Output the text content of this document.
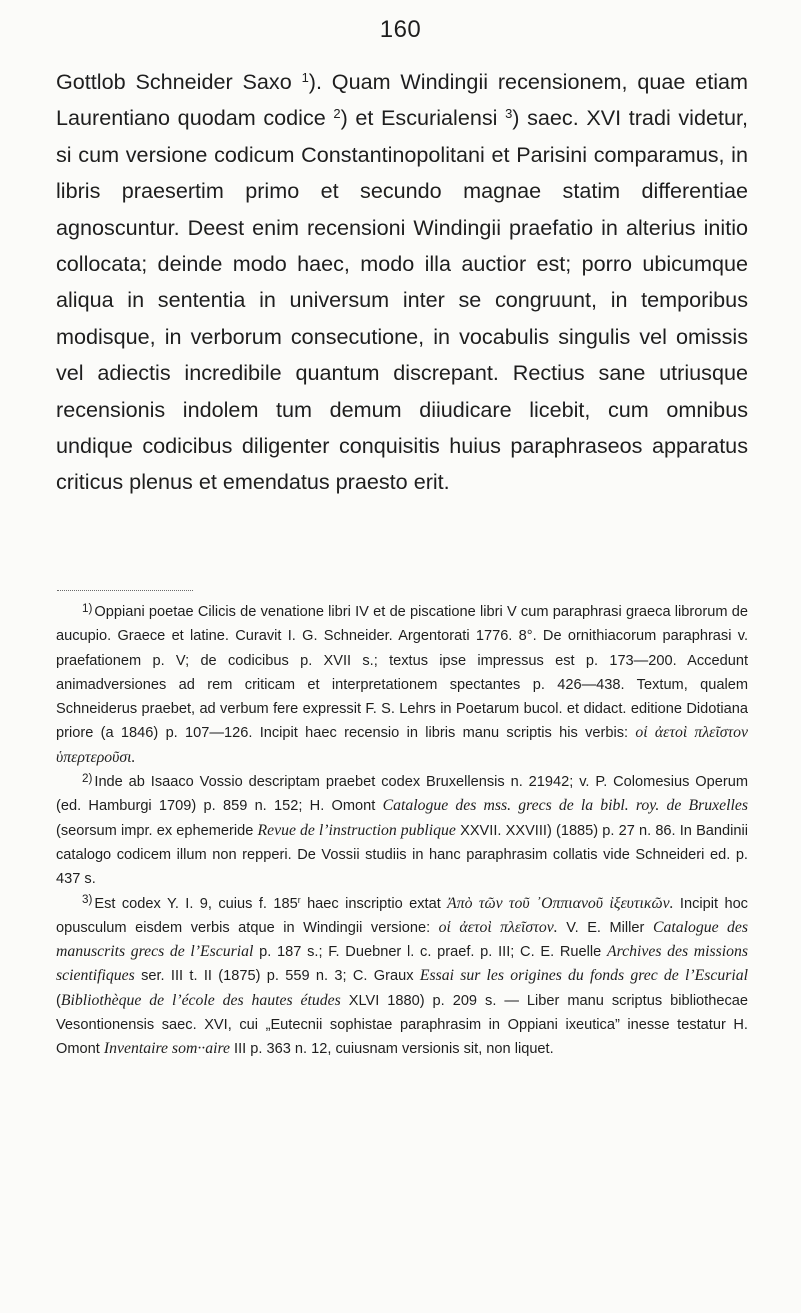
160

Gottlob Schneider Saxo $^1$). Quam Windingii recensionem, quae etiam Laurentiano quodam codice $^2$) et Escurialensi $^3$) saec. XVI tradi videtur, si cum versione codicum Constantinopolitani et Parisini comparamus, in libris praesertim primo et secundo magnae statim differentiae agnoscuntur. Deest enim recensioni Windingii praefatio in alterius initio collocata; deinde modo haec, modo illa auctior est; porro ubicumque aliqua in sententia in universum inter se congruunt, in temporibus modisque, in verborum consecutione, in vocabulis singulis vel omissis vel adiectis incredibile quantum discrepant. Rectius sane utriusque recensionis indolem tum demum diiudicare licebit, cum omnibus undique codicibus diligenter conquisitis huius paraphraseos apparatus criticus plenus et emendatus praesto erit.

$^{1)}$ Oppiani poetae Cilicis de venatione libri IV et de piscatione libri V cum paraphrasi graeca librorum de aucupio. Graece et latine. Curavit I. G. Schneider. Argentorati 1776. 8°. De ornithiacorum paraphrasi v. praefationem p. V; de codicibus p. XVII s.; textus ipse impressus est p. 173—200. Accedunt animadversiones ad rem criticam et interpretationem spectantes p. 426—438. Textum, qualem Schneiderus praebet, ad verbum fere expressit F. S. Lehrs in Poetarum bucol. et didact. editione Didotiana priore (a 1846) p. 107—126. Incipit haec recensio in libris manu scriptis his verbis: οἱ ἀετοὶ πλεῖστον ὑπερτεροῦσι.

$^{2)}$ Inde ab Isaaco Vossio descriptam praebet codex Bruxellensis n. 21942; v. P. Colomesius Operum (ed. Hamburgi 1709) p. 859 n. 152; H. Omont Catalogue des mss. grecs de la bibl. roy. de Bruxelles (seorsum impr. ex ephemeride Revue de l’instruction publique XXVII. XXVIII) (1885) p. 27 n. 86. In Bandinii catalogo codicem illum non repperi. De Vossii studiis in hanc paraphrasim collatis vide Schneideri ed. p. 437 s.

$^{3)}$ Est codex Y. I. 9, cuius f. 185$^r$ haec inscriptio extat Ἀπὸ τῶν τοῦ ᾿Οππιανοῦ ἰξευτικῶν. Incipit hoc opusculum eisdem verbis atque in Windingii versione: οἱ ἀετοὶ πλεῖστον. V. E. Miller Catalogue des manuscrits grecs de l’Escurial p. 187 s.; F. Duebner l. c. praef. p. III; C. E. Ruelle Archives des missions scientifiques ser. III t. II (1875) p. 559 n. 3; C. Graux Essai sur les origines du fonds grec de l’Escurial (Bibliothèque de l’école des hautes études XLVI 1880) p. 209 s. — Liber manu scriptus bibliothecae Vesontionensis saec. XVI, cui „Eutecnii sophistae paraphrasim in Oppiani ixeutica” inesse testatur H. Omont Inventaire som··aire III p. 363 n. 12, cuiusnam versionis sit, non liquet.
